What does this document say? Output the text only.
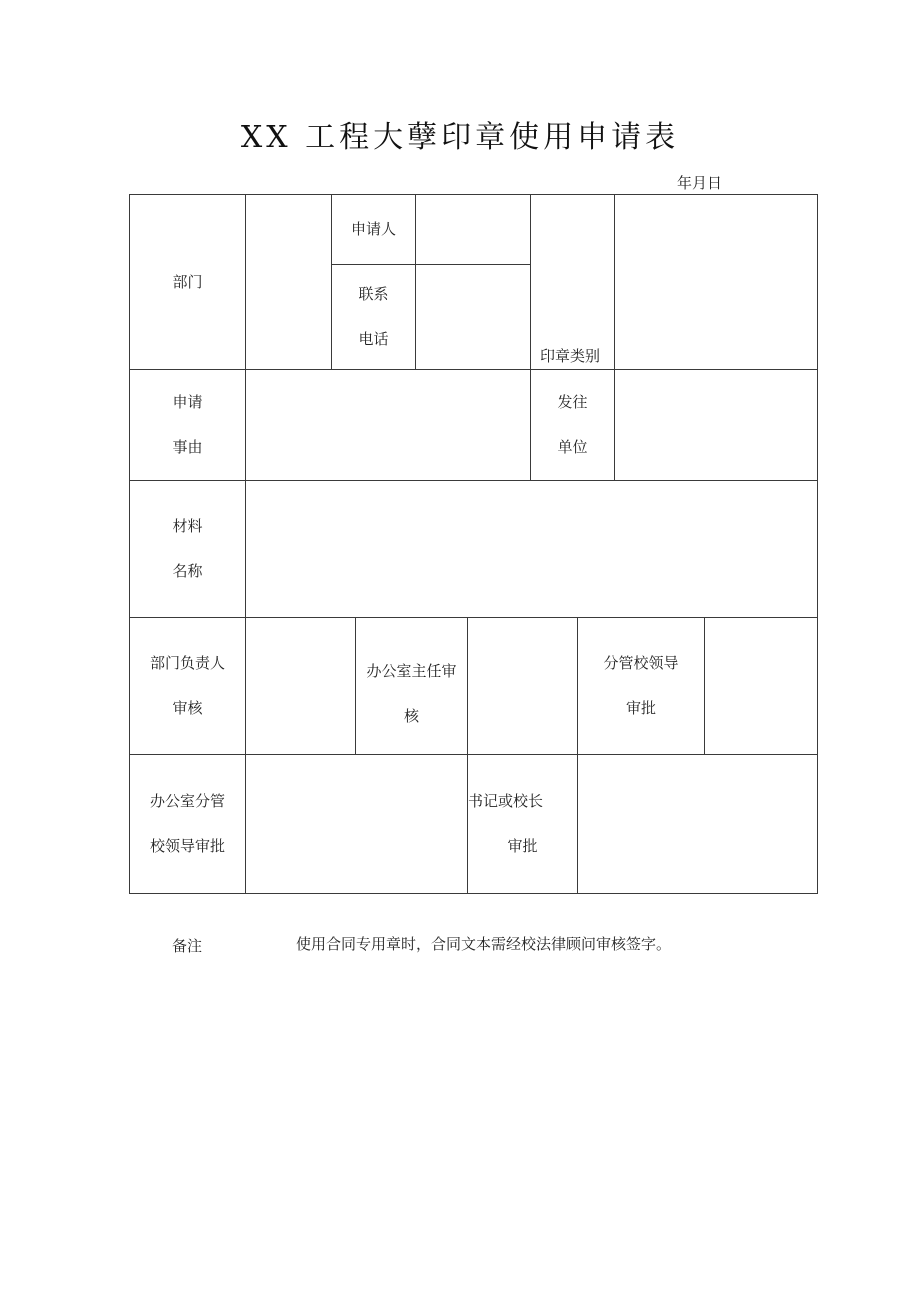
XX 工程大孽印章使用申请表
年月日
部门
申请人
联系
电话
印章类别
申请
事由
发往
单位
材料
名称
部门负责人
审核
办公室主任审
核
分管校领导
审批
办公室分管
校领导审批
书记或校长
审批
备注	使用合同专用章时，合同文本需经校法律顾问审核签字。
